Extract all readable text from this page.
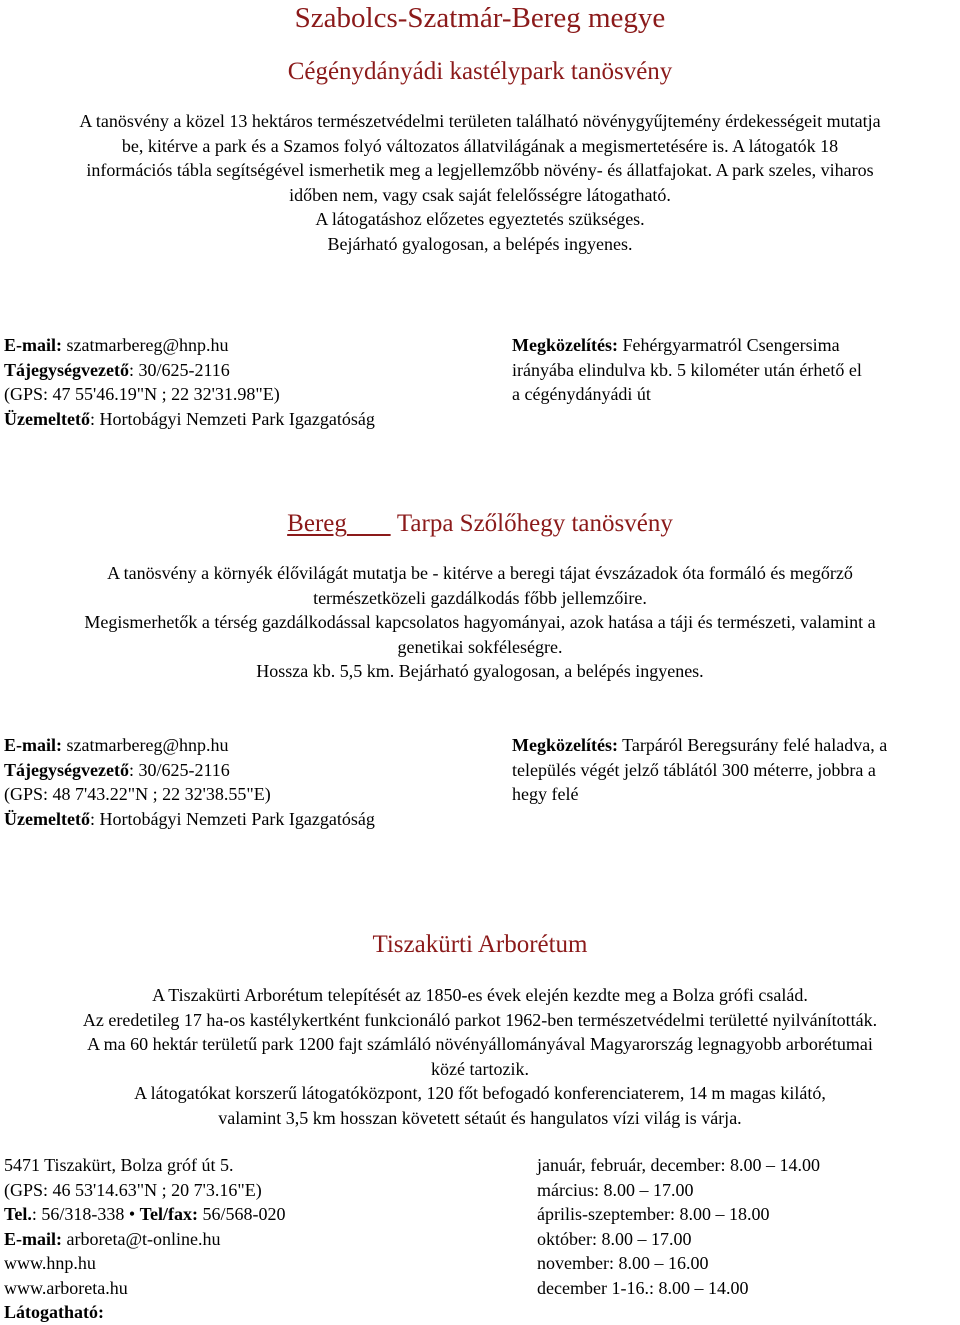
Szabolcs-Szatmár-Bereg megye
Cégénydányádi kastélypark tanösvény
A tanösvény a közel 13 hektáros természetvédelmi területen található növénygyűjtemény érdekességeit mutatja
be, kitérve a park és a Szamos folyó változatos állatvilágának a megismertetésére is. A látogatók 18
információs tábla segítségével ismerhetik meg a legjellemzőbb növény- és állatfajokat. A park szeles, viharos
időben nem, vagy csak saját felelősségre látogatható.
A látogatáshoz előzetes egyeztetés szükséges.
Bejárható gyalogosan, a belépés ingyenes.
E-mail: szatmarbereg@hnp.hu
Tájegységvezető: 30/625-2116
(GPS: 47 55'46.19"N ; 22 32'31.98"E)
Üzemeltető: Hortobágyi Nemzeti Park Igazgatóság
Megközelítés: Fehérgyarmatról Csengersima
irányába elindulva kb. 5 kilométer után érhető el
a cégénydányádi út
Bereg Tarpa Szőlőhegy tanösvény
A tanösvény a környék élővilágát mutatja be - kitérve a beregi tájat évszázadok óta formáló és megőrző
természetközeli gazdálkodás főbb jellemzőire.
Megismerhetők a térség gazdálkodással kapcsolatos hagyományai, azok hatása a táji és természeti, valamint a
genetikai sokféleségre.
Hossza kb. 5,5 km. Bejárható gyalogosan, a belépés ingyenes.
E-mail: szatmarbereg@hnp.hu
Tájegységvezető: 30/625-2116
(GPS: 48 7'43.22"N ; 22 32'38.55"E)
Üzemeltető: Hortobágyi Nemzeti Park Igazgatóság
Megközelítés: Tarpáról Beregsurány felé haladva, a
település végét jelző táblától 300 méterre, jobbra a
hegy felé
Tiszakürti Arborétum
A Tiszakürti Arborétum telepítését az 1850-es évek elején kezdte meg a Bolza grófi család.
Az eredetileg 17 ha-os kastélykertként funkcionáló parkot 1962-ben természetvédelmi területté nyilvánították.
A ma 60 hektár területű park 1200 fajt számláló növényállományával Magyarország legnagyobb arborétumai
közé tartozik.
A látogatókat korszerű látogatóközpont, 120 főt befogadó konferenciaterem, 14 m magas kilátó,
valamint 3,5 km hosszan követett sétaút és hangulatos vízi világ is várja.
5471 Tiszakürt, Bolza gróf út 5.
(GPS: 46 53'14.63"N ; 20 7'3.16"E)
Tel.: 56/318-338 • Tel/fax: 56/568-020
E-mail: arboreta@t-online.hu
www.hnp.hu
www.arboreta.hu
Látogatható:
január, február, december: 8.00 – 14.00
március: 8.00 – 17.00
április-szeptember: 8.00 – 18.00
október: 8.00 – 17.00
november: 8.00 – 16.00
december 1-16.: 8.00 – 14.00
